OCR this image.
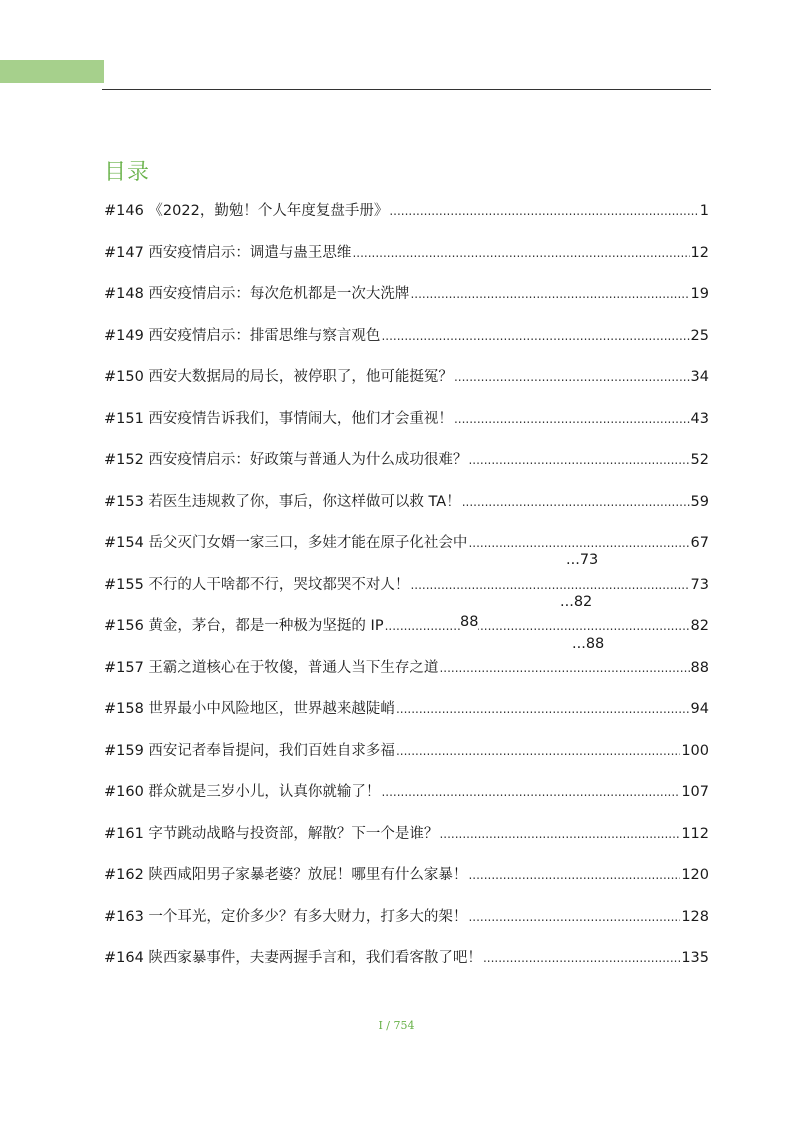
目录
#146 《2022，勤勉！个人年度复盘手册》 .....	1
#147 西安疫情启示：调遣与蛊王思维 .....	12
#148 西安疫情启示：每次危机都是一次大洗牌 .....	19
#149 西安疫情启示：排雷思维与察言观色 .....	25
#150 西安大数据局的局长，被停职了，他可能挺冤？ .....	34
#151 西安疫情告诉我们，事情闹大，他们才会重视！ .....	43
#152 西安疫情启示：好政策与普通人为什么成功很难？ .....	52
#153 若医生违规救了你，事后，你这样做可以救 TA！ .....	59
#154 岳父灭门女婿一家三口，多娃才能在原子化社会中 .....	67
#155 不行的人干啥都不行，哭坟都哭不对人！ .....	73
#156 黄金，茅台，都是一种极为坚挺的 IP .....	82
#157 王霸之道核心在于牧傻，普通人当下生存之道 .....	88
#158 世界最小中风险地区，世界越来越陡峭 .....	94
#159 西安记者奉旨提问，我们百姓自求多福 .....	100
#160 群众就是三岁小儿，认真你就输了！ .....	107
#161 字节跳动战略与投资部，解散？下一个是谁？ .....	112
#162 陕西咸阳男子家暴老婆？放屁！哪里有什么家暴！ .....	120
#163 一个耳光，定价多少？有多大财力，打多大的架！ .....	128
#164 陕西家暴事件，夫妻两握手言和，我们看客散了吧！ .....	135
...73
...82
88
...88
I / 754
